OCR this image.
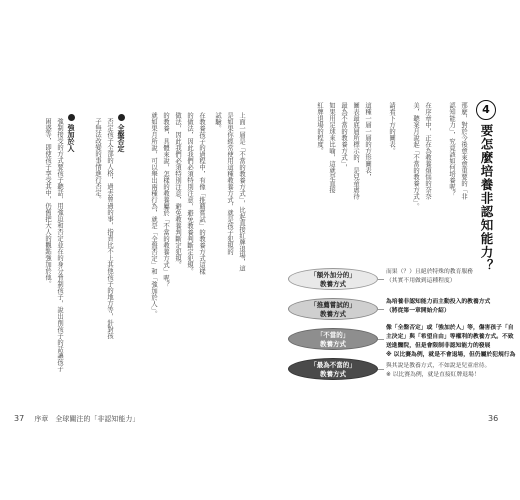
4
要怎麼培養非認知能力？
那麼，對於今後愈來愈重要的「非
認知能力」，究竟該如何培養呢？
在序章中，正在為教養煩惱的奈奈
美，聽案月說起「不當的教養方式」。
請看下方的圖表。
這種一層一層的方形圖表，
圖表最底層所標示的，是兒童虐待
最為不當的教養方式」，
如果用足球來比喻，這就是直接
紅牌退場的程度。
「額外加分的」
教養方式
「推薦嘗試的」
教養方式
「不當的」
教養方式
「最為不當的」
教養方式
而果（？）且絕於特殊的教育服務
（其實不用做到這種程度）
為培養非認知能力而主動投入的教養方式
（將從第一章開始介紹）
像「全盤否定」或「強加於人」等，傷害孩子「自
主決定」與「希望自由」等權利的教養方式。不致
送進醫院，但是會限制非認知能力的發展
※ 以比賽為例，就是不會退場，但仍屬於犯規行為
與其說是教養方式，不如說是兒童虐待。
※ 以比賽為例，就是直接紅牌退場！
36
上面一層是「不當的教養方式」，比起直接紅牌退場，這
是如果你經常使用這種教養方式，就是孩子犯規的
試驗。
在教養孩子的過程中，有像「推薦嘗試」的教養方式這樣
的做法，因此我們必須特別注意，避免教養判斷定犯規。
做法，因此我們必須特別注意，避免教養判斷定犯規。
的教養，具體來說，怎樣的教養屬於「不當的教養方式」呢？
就如果月所說，可以舉出兩種行為，就是「全盤否定」和「強加於人」。
全盤否定
否定孩子全部的人格，過去曾過的事，指責比不上其他孩子的地方等，針對孩
子無法改變的事情進行否定。
強加於人
強制接受的方式要孩子聽話，用強迫和否定並在的身分脅制孩子，說出削孩子的話讓孩子
困惑等，即使孩子享受其中，仍舊把大人的觀點強加於他。
37 序章　全球關注的「非認知能力」
